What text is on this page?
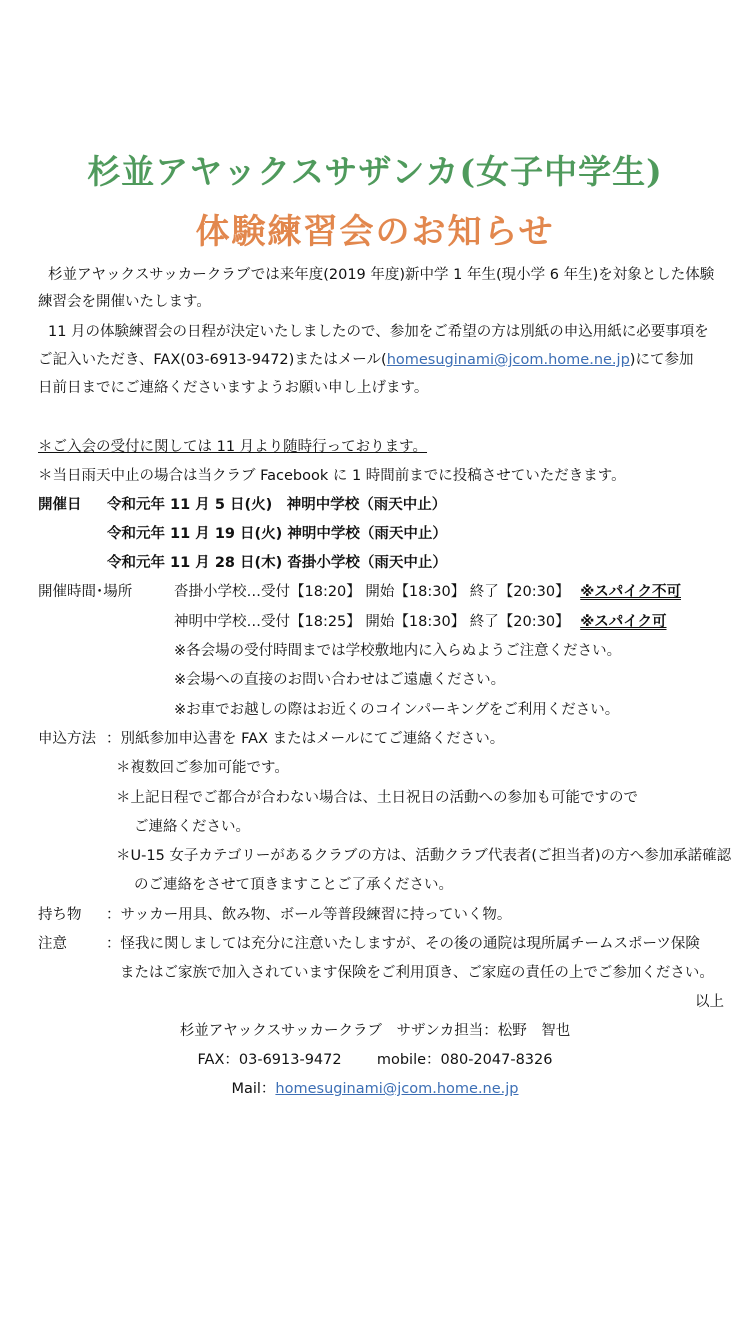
杉並アヤックスサザンカ(女子中学生)
体験練習会のお知らせ
杉並アヤックスサッカークラブでは来年度(2019 年度)新中学 1 年生(現小学 6 年生)を対象とした体験
練習会を開催いたします。
11 月の体験練習会の日程が決定いたしましたので、参加をご希望の方は別紙の申込用紙に必要事項を
ご記入いただき、FAX(03-6913-9472)またはメール(homesuginami@jcom.home.ne.jp)にて参加
日前日までにご連絡くださいますようお願い申し上げます。
＊ご入会の受付に関しては 11 月より随時行っております。
＊当日雨天中止の場合は当クラブ Facebook に 1 時間前までに投稿させていただきます。
開催日 令和元年 11 月 5 日(火)　神明中学校（雨天中止）
令和元年 11 月 19 日(火) 神明中学校（雨天中止）
令和元年 11 月 28 日(木) 沓掛小学校（雨天中止）
開催時間･場所	沓掛小学校…受付【18:20】 開始【18:30】 終了【20:30】 ※スパイク不可
神明中学校…受付【18:25】 開始【18:30】 終了【20:30】 ※スパイク可
※各会場の受付時間までは学校敷地内に入らぬようご注意ください。
※会場への直接のお問い合わせはご遠慮ください。
※お車でお越しの際はお近くのコインパーキングをご利用ください。
申込方法 ：別紙参加申込書を FAX またはメールにてご連絡ください。
＊複数回ご参加可能です。
＊上記日程でご都合が合わない場合は、土日祝日の活動への参加も可能ですので
ご連絡ください。
＊U-15 女子カテゴリーがあるクラブの方は、活動クラブ代表者(ご担当者)の方へ参加承諾確認
のご連絡をさせて頂きますことご了承ください。
持ち物 ：サッカー用具、飲み物、ボール等普段練習に持っていく物。
注意	：怪我に関しましては充分に注意いたしますが、その後の通院は現所属チームスポーツ保険
またはご家族で加入されています保険をご利用頂き、ご家庭の責任の上でご参加ください。
以上
杉並アヤックスサッカークラブ　サザンカ担当：松野　智也
FAX：03-6913-9472 mobile：080-2047-8326
Mail：homesuginami@jcom.home.ne.jp
